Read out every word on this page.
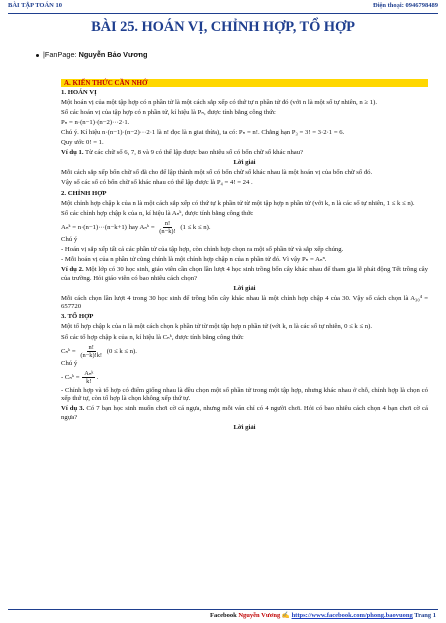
BÀI TẬP TOÁN 10	Điện thoại: 0946798489
BÀI 25. HOÁN VỊ, CHỈNH HỢP, TỔ HỢP
|FanPage: Nguyễn Bảo Vương

A. KIẾN THỨC CẦN NHỚ

1. HOÁN VỊ

Một hoán vị của một tập hợp có n phần tử là một cách sắp xếp có thứ tự n phần tử đó (với n là một số tự nhiên, n ≥ 1).

Số các hoán vị của tập hợp có n phần tử, kí hiệu là Pₙ, được tính bằng công thức

Pₙ = n·(n−1)·(n−2)···2·1.

Chú ý. Kí hiệu n·(n−1)·(n−2)···2·1 là n! đọc là n giai thừa), ta có: Pₙ = n!. Chẳng hạn P₃ = 3! = 3·2·1 = 6.

Quy ước 0! = 1.

Ví dụ 1. Từ các chữ số 6, 7, 8 và 9 có thể lập được bao nhiêu số có bốn chữ số khác nhau?

Lời giải

Mỗi cách sắp xếp bốn chữ số đã cho để lập thành một số có bốn chữ số khác nhau là một hoán vị của bốn chữ số đó.

Vậy số các số có bốn chữ số khác nhau có thể lập được là P₄ = 4! = 24 .

2. CHỈNH HỢP

Một chỉnh hợp chập k của n là một cách sắp xếp có thứ tự k phần tử từ một tập hợp n phần tử (với k, n là các số tự nhiên, 1 ≤ k ≤ n).

Số các chỉnh hợp chập k của n, kí hiệu là Aₙᵏ, được tính bằng công thức

Aₙᵏ = n·(n−1)···(n−k+1) hay Aₙᵏ = $\frac{n!}{(n-k)!} (1 \le k \le n)$.

Chú ý

- Hoán vị sắp xếp tất cả các phần tử của tập hợp, còn chỉnh hợp chọn ra một số phần tử và sắp xếp chúng.

- Mỗi hoán vị của n phần tử cũng chính là một chỉnh hợp chập n của n phần tử đó. Vì vậy Pₙ = Aₙⁿ.

Ví dụ 2. Một lớp có 30 học sinh, giáo viên cần chọn lần lượt 4 học sinh trồng bốn cây khác nhau để tham gia lễ phát động Tết trồng cây của trường. Hỏi giáo viên có bao nhiêu cách chọn?

Lời giải

Mỗi cách chọn lần lượt 4 trong 30 học sinh để trồng bốn cây khác nhau là một chỉnh hợp chập 4 của 30. Vậy số cách chọn là A₃₀⁴ = 657720

3. TỔ HỢP

Một tổ hợp chập k của n là một cách chọn k phần tử từ một tập hợp n phần tử (với k, n là các số tự nhiên, 0 ≤ k ≤ n).

Số các tổ hợp chập k của n, kí hiệu là Cₙᵏ, được tính bằng công thức

Cₙᵏ = $\frac{n!}{(n-k)!k!} (0 \le k \le n)$.

Chú ý

- Cₙᵏ = $\frac{\text{Aₙᵏ}}{k!}$ .

- Chỉnh hợp và tổ hợp có điểm giống nhau là đều chọn một số phần tử trong một tập hợp, nhưng khác nhau ở chỗ, chỉnh hợp là chọn có xếp thứ tự, còn tổ hợp là chọn không xếp thứ tự.

Ví dụ 3. Có 7 bạn học sinh muốn chơi cờ cá ngựa, nhưng mỗi ván chỉ có 4 người chơi. Hỏi có bao nhiêu cách chọn 4 bạn chơi cờ cá ngựa?

Lời giải

Facebook Nguyễn Vương ✍ https://www.facebook.com/phong.baovuong Trang 1
